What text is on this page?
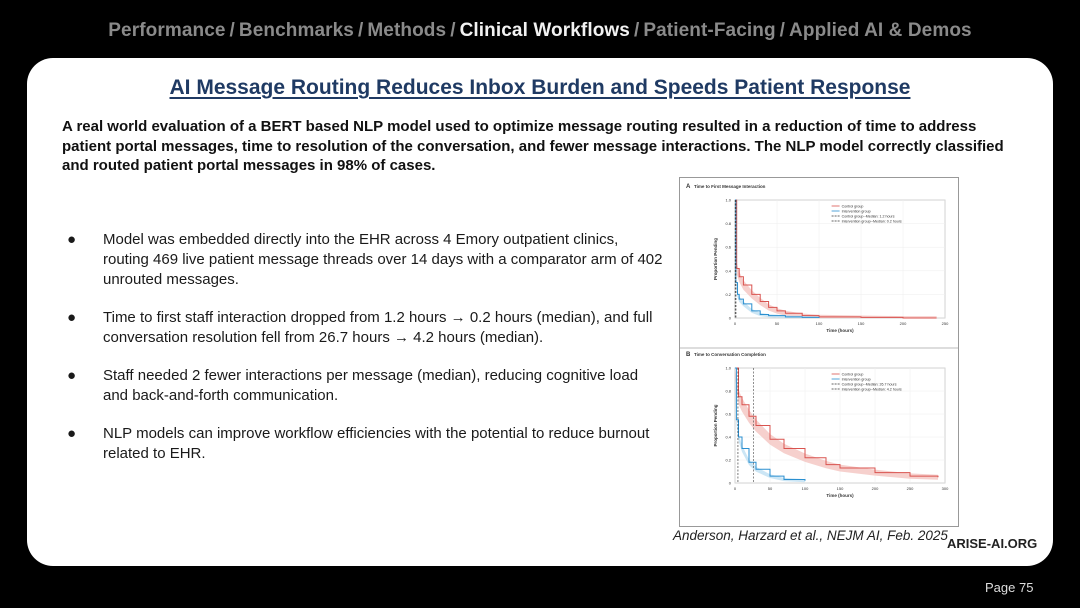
Performance / Benchmarks / Methods / Clinical Workflows / Patient-Facing / Applied AI & Demos
AI Message Routing Reduces Inbox Burden and Speeds Patient Response
A real world evaluation of a BERT based NLP model used to optimize message routing resulted in a reduction of time to address patient portal messages, time to resolution of the conversation, and fewer message interactions. The NLP model correctly classified and routed patient portal messages in 98% of cases.
● Model was embedded directly into the EHR across 4 Emory outpatient clinics, routing 469 live patient message threads over 14 days with a comparator arm of 402 unrouted messages.
● Time to first staff interaction dropped from 1.2 hours → 0.2 hours (median), and full conversation resolution fell from 26.7 hours → 4.2 hours (median).
● Staff needed 2 fewer interactions per message (median), reducing cognitive load and back-and-forth communication.
● NLP models can improve workflow efficiencies with the potential to reduce burnout related to EHR.
A Time to First Message Interaction
0
0.2
0.4
0.6
0.8
1.0
0	50	100	150	200	250
Time (hours)
Proportion Pending
Control group
Intervention group
Control group--Median: 1.2 hours
Intervention group--Median: 0.2 hours
B Time to Conversation Completion
0
0.2
0.4
0.6
0.8
1.0
0	50	100	150	200	250	300
Time (hours)
Proportion Pending
Control group
Intervention group
Control group--Median: 26.7 hours
Intervention group--Median: 4.2 hours
Anderson, Harzard et al., NEJM AI, Feb. 2025
ARISE-AI.ORG
Page 75
